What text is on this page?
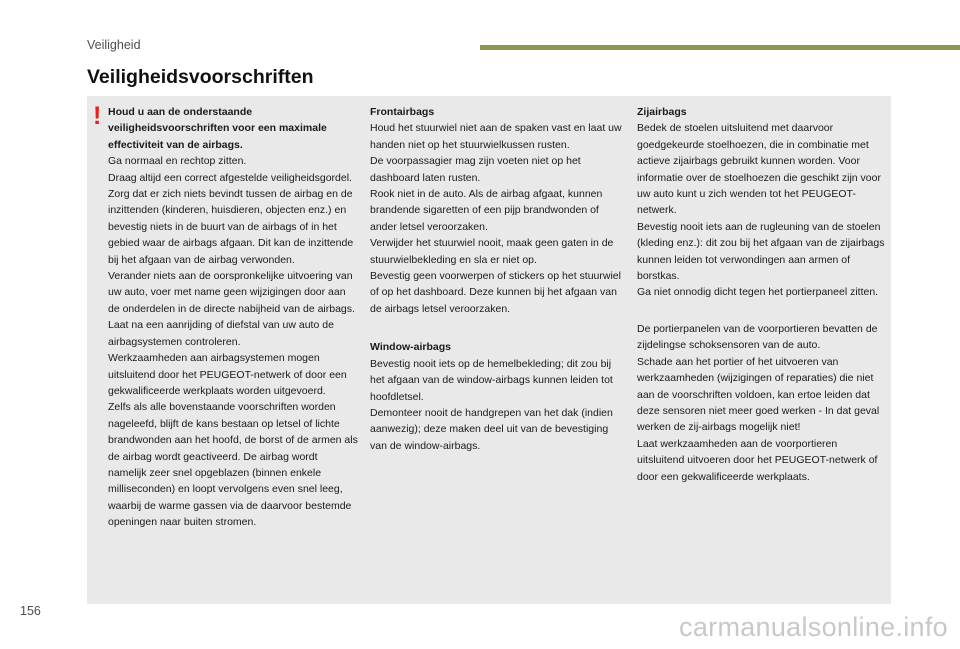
Veiligheid
Veiligheidsvoorschriften
! Houd u aan de onderstaande veiligheidsvoorschriften voor een maximale effectiviteit van de airbags.

Ga normaal en rechtop zitten.
Draag altijd een correct afgestelde veiligheidsgordel.
Zorg dat er zich niets bevindt tussen de airbag en de inzittenden (kinderen, huisdieren, objecten enz.) en bevestig niets in de buurt van de airbags of in het gebied waar de airbags afgaan. Dit kan de inzittende bij het afgaan van de airbag verwonden.
Verander niets aan de oorspronkelijke uitvoering van uw auto, voer met name geen wijzigingen door aan de onderdelen in de directe nabijheid van de airbags.
Laat na een aanrijding of diefstal van uw auto de airbagsystemen controleren.
Werkzaamheden aan airbagsystemen mogen uitsluitend door het PEUGEOT-netwerk of door een gekwalificeerde werkplaats worden uitgevoerd.
Zelfs als alle bovenstaande voorschriften worden nageleefd, blijft de kans bestaan op letsel of lichte brandwonden aan het hoofd, de borst of de armen als de airbag wordt geactiveerd. De airbag wordt namelijk zeer snel opgeblazen (binnen enkele milliseconden) en loopt vervolgens even snel leeg, waarbij de warme gassen via de daarvoor bestemde openingen naar buiten stromen.

Frontairbags

Houd het stuurwiel niet aan de spaken vast en laat uw handen niet op het stuurwielkussen rusten.
De voorpassagier mag zijn voeten niet op het dashboard laten rusten.
Rook niet in de auto. Als de airbag afgaat, kunnen brandende sigaretten of een pijp brandwonden of ander letsel veroorzaken.
Verwijder het stuurwiel nooit, maak geen gaten in de stuurwielbekleding en sla er niet op.
Bevestig geen voorwerpen of stickers op het stuurwiel of op het dashboard. Deze kunnen bij het afgaan van de airbags letsel veroorzaken.

Window-airbags

Bevestig nooit iets op de hemelbekleding; dit zou bij het afgaan van de window-airbags kunnen leiden tot hoofdletsel.
Demonteer nooit de handgrepen van het dak (indien aanwezig); deze maken deel uit van de bevestiging van de window-airbags.

Zijairbags

Bedek de stoelen uitsluitend met daarvoor goedgekeurde stoelhoezen, die in combinatie met actieve zijairbags gebruikt kunnen worden. Voor informatie over de stoelhoezen die geschikt zijn voor uw auto kunt u zich wenden tot het PEUGEOT-netwerk.
Bevestig nooit iets aan de rugleuning van de stoelen (kleding enz.): dit zou bij het afgaan van de zijairbags kunnen leiden tot verwondingen aan armen of borstkas.
Ga niet onnodig dicht tegen het portierpaneel zitten.

De portierpanelen van de voorportieren bevatten de zijdelingse schoksensoren van de auto.
Schade aan het portier of het uitvoeren van werkzaamheden (wijzigingen of reparaties) die niet aan de voorschriften voldoen, kan ertoe leiden dat deze sensoren niet meer goed werken - In dat geval werken de zij-airbags mogelijk niet!
Laat werkzaamheden aan de voorportieren uitsluitend uitvoeren door het PEUGEOT-netwerk of door een gekwalificeerde werkplaats.

156
carmanualsonline.info
